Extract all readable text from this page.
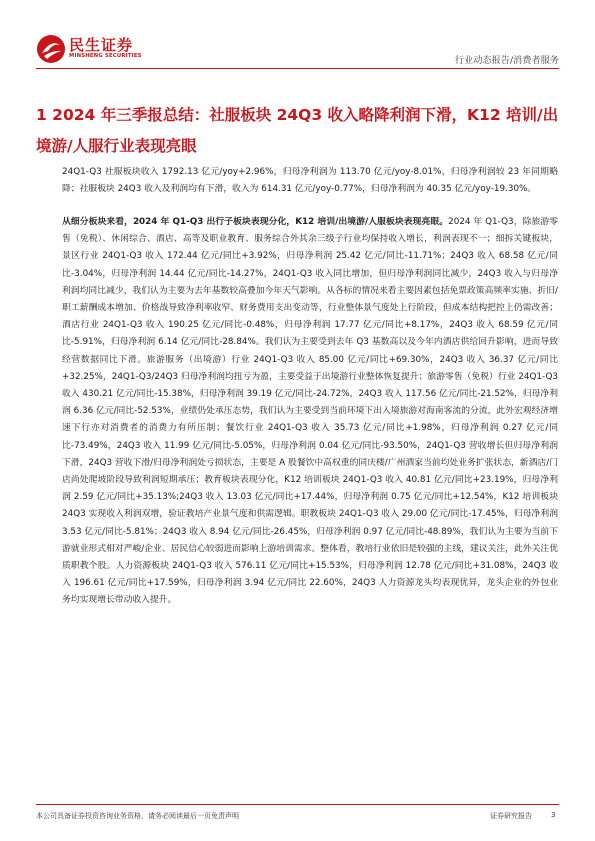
民生证券
MINSHENG SECURITIES	行业动态报告/消费者服务
1 2024 年三季报总结：社服板块 24Q3 收入略降利润下滑，K12 培训/出境游/人服行业表现亮眼

24Q1-Q3 社服板块收入 1792.13 亿元/yoy+2.96%，归母净利润为 113.70 亿元/yoy-8.01%，归母净利润较 23 年同期略降；社服板块 24Q3 收入及利润均有下滑，收入为 614.31 亿元/yoy-0.77%，归母净利润为 40.35 亿元/yoy-19.30%。

从细分板块来看，2024 年 Q1-Q3 出行子板块表现分化，K12 培训/出境游/人服板块表现亮眼。2024 年 Q1-Q3，除旅游零售（免税）、休闲综合、酒店、高等及职业教育、服务综合外其余三级子行业均保持收入增长，利润表现不一；细拆关键板块，景区行业 24Q1-Q3 收入 172.44 亿元/同比+3.92%，归母净利润 25.42 亿元/同比-11.71%；24Q3 收入 68.58 亿元/同比-3.04%，归母净利润 14.44 亿元/同比-14.27%，24Q1-Q3 收入同比增加，但归母净利润同比减少，24Q3 收入与归母净利润均同比减少，我们认为主要为去年基数较高叠加今年天气影响。从各标的情况来看主要因素包括免票政策高频率实施、折旧/职工薪酬成本增加、价格战导致净利率收窄、财务费用支出变动等，行业整体景气度处上行阶段，但成本结构把控上仍需改善；酒店行业 24Q1-Q3 收入 190.25 亿元/同比-0.48%，归母净利润 17.77 亿元/同比+8.17%，24Q3 收入 68.59 亿元/同比-5.91%，归母净利润 6.14 亿元/同比-28.84%。我们认为主要受到去年 Q3 基数高以及今年内酒店供给回升影响，进而导致经营数据同比下滑。旅游服务（出境游）行业 24Q1-Q3 收入 85.00 亿元/同比+69.30%，24Q3 收入 36.37 亿元/同比+32.25%，24Q1-Q3/24Q3 归母净利润均扭亏为盈，主要受益于出境游行业整体恢复提升；旅游零售（免税）行业 24Q1-Q3 收入 430.21 亿元/同比-15.38%，归母净利润 39.19 亿元/同比-24.72%，24Q3 收入 117.56 亿元/同比-21.52%，归母净利润 6.36 亿元/同比-52.53%，业绩仍处承压态势，我们认为主要受到当前环境下出入境旅游对海南客流的分流，此外宏观经济增速下行亦对消费者的消费力有所压制；餐饮行业 24Q1-Q3 收入 35.73 亿元/同比+1.98%，归母净利润 0.27 亿元/同比-73.49%，24Q3 收入 11.99 亿元/同比-5.05%，归母净利润 0.04 亿元/同比-93.50%，24Q1-Q3 营收增长但归母净利润下滑，24Q3 营收下滑/归母净利润处亏损状态，主要是 A 股餐饮中高权重的同庆楼/广州酒家当前均处业务扩张状态，新酒店/门店尚处爬坡阶段导致利润短期承压；教育板块表现分化，K12 培训板块 24Q1-Q3 收入 40.81 亿元/同比+23.19%，归母净利润 2.59 亿元/同比+35.13%;24Q3 收入 13.03 亿元/同比+17.44%，归母净利润 0.75 亿元/同比+12.54%，K12 培训板块 24Q3 实现收入利润双增，验证教培产业景气度和供需逻辑。职教板块 24Q1-Q3 收入 29.00 亿元/同比-17.45%，归母净利润 3.53 亿元/同比-5.81%；24Q3 收入 8.94 亿元/同比-26.45%，归母净利润 0.97 亿元/同比-48.89%，我们认为主要为当前下游就业形式相对严峻/企业、居民信心较弱进而影响上游培训需求。整体看，教培行业依旧是较强的主线，建议关注，此外关注优质职教个股。人力资源板块 24Q1-Q3 收入 576.11 亿元/同比+15.53%，归母净利润 12.78 亿元/同比+31.08%，24Q3 收入 196.61 亿元/同比+17.59%，归母净利润 3.94 亿元/同比 22.60%，24Q3 人力资源龙头均表现优异，龙头企业的外包业务均实现增长带动收入提升。

本公司具备证券投资咨询业务资格，请务必阅读最后一页免责声明	证券研究报告	3
